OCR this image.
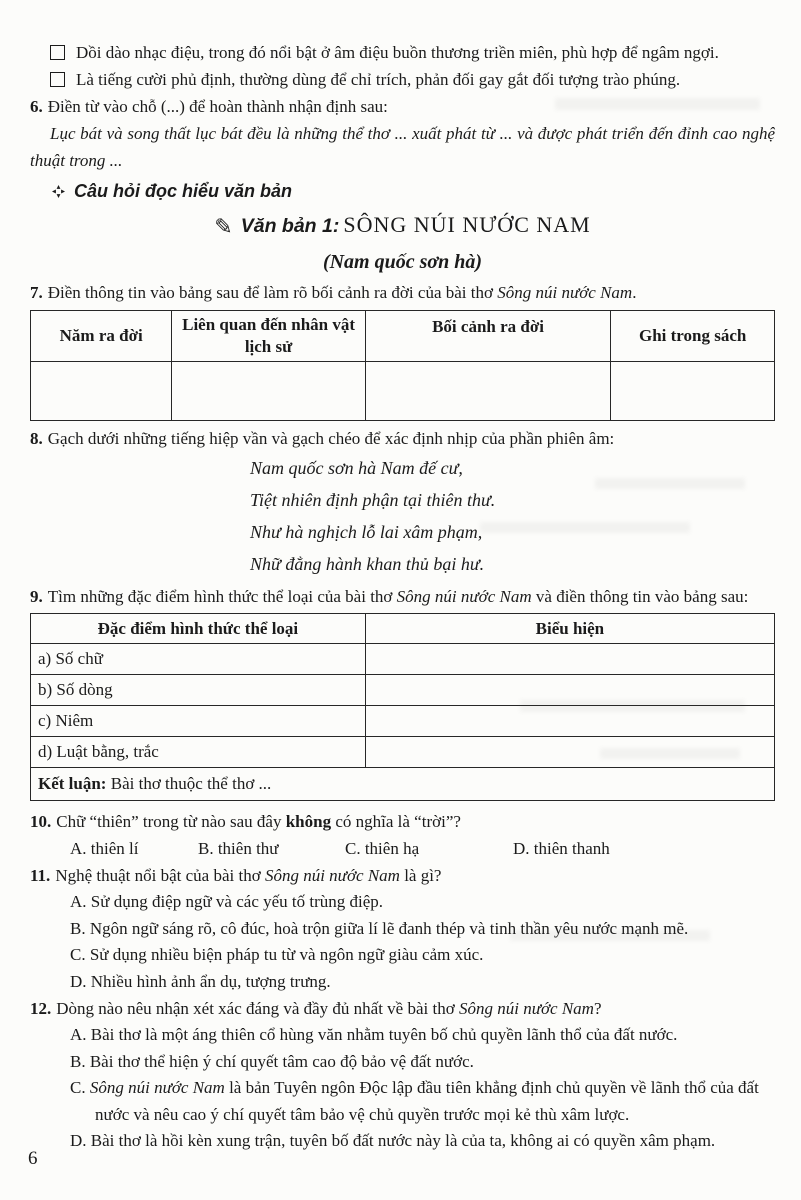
Dồi dào nhạc điệu, trong đó nổi bật ở âm điệu buồn thương triền miên, phù hợp để ngâm ngợi.
Là tiếng cười phủ định, thường dùng để chỉ trích, phản đối gay gắt đối tượng trào phúng.
6. Điền từ vào chỗ (...) để hoàn thành nhận định sau:
Lục bát và song thất lục bát đều là những thể thơ ... xuất phát từ ... và được phát triển đến đỉnh cao nghệ thuật trong ...
Câu hỏi đọc hiểu văn bản
✎ Văn bản 1: SÔNG NÚI NƯỚC NAM
(Nam quốc sơn hà)
7. Điền thông tin vào bảng sau để làm rõ bối cảnh ra đời của bài thơ Sông núi nước Nam.
Năm ra đời	Liên quan đến nhân vật lịch sử	Bối cảnh ra đời	Ghi trong sách

8. Gạch dưới những tiếng hiệp vần và gạch chéo để xác định nhịp của phần phiên âm:
Nam quốc sơn hà Nam đế cư,
Tiệt nhiên định phận tại thiên thư.
Như hà nghịch lỗ lai xâm phạm,
Nhữ đẳng hành khan thủ bại hư.
9. Tìm những đặc điểm hình thức thể loại của bài thơ Sông núi nước Nam và điền thông tin vào bảng sau:
Đặc điểm hình thức thể loại	Biểu hiện
a) Số chữ	
b) Số dòng	
c) Niêm	
d) Luật bằng, trắc	
Kết luận: Bài thơ thuộc thể thơ ...	
10. Chữ “thiên” trong từ nào sau đây không có nghĩa là “trời”?
A. thiên lí	B. thiên thư	C. thiên hạ	D. thiên thanh
11. Nghệ thuật nổi bật của bài thơ Sông núi nước Nam là gì?
A. Sử dụng điệp ngữ và các yếu tố trùng điệp.
B. Ngôn ngữ sáng rõ, cô đúc, hoà trộn giữa lí lẽ đanh thép và tinh thần yêu nước mạnh mẽ.
C. Sử dụng nhiều biện pháp tu từ và ngôn ngữ giàu cảm xúc.
D. Nhiều hình ảnh ẩn dụ, tượng trưng.
12. Dòng nào nêu nhận xét xác đáng và đầy đủ nhất về bài thơ Sông núi nước Nam?
A. Bài thơ là một áng thiên cổ hùng văn nhằm tuyên bố chủ quyền lãnh thổ của đất nước.
B. Bài thơ thể hiện ý chí quyết tâm cao độ bảo vệ đất nước.
C. Sông núi nước Nam là bản Tuyên ngôn Độc lập đầu tiên khẳng định chủ quyền về lãnh thổ của đất nước và nêu cao ý chí quyết tâm bảo vệ chủ quyền trước mọi kẻ thù xâm lược.
D. Bài thơ là hồi kèn xung trận, tuyên bố đất nước này là của ta, không ai có quyền xâm phạm.
6
